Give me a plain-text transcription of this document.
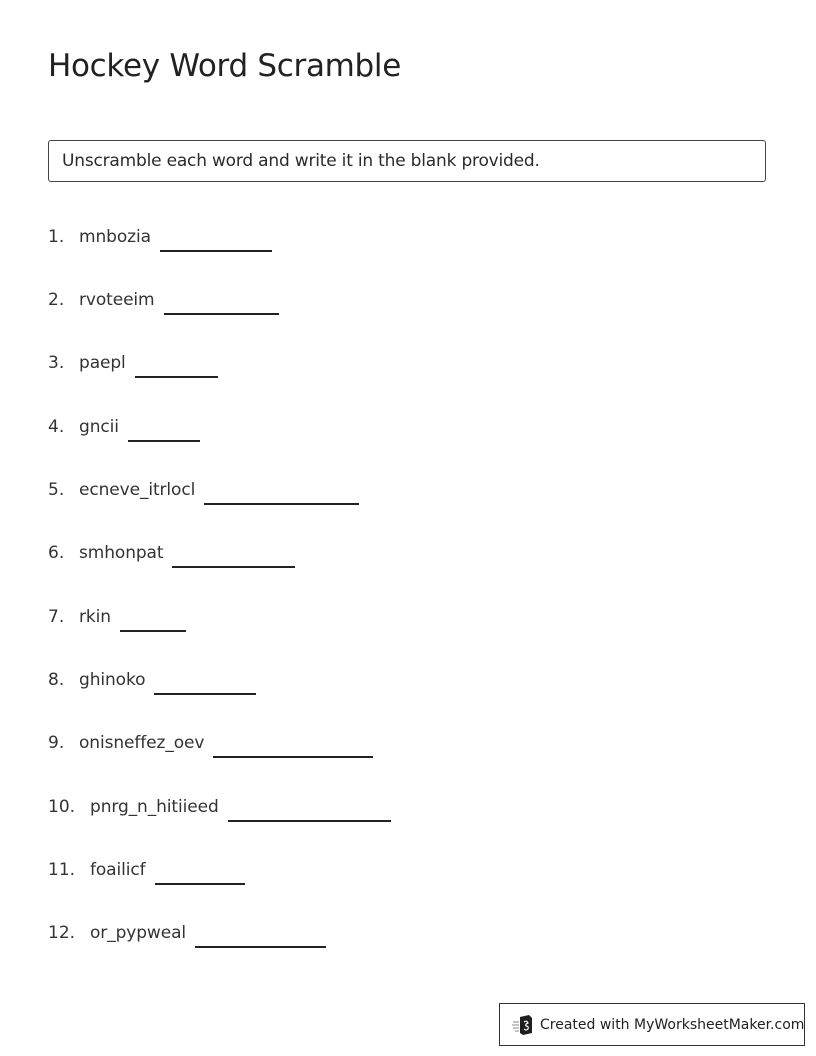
Hockey Word Scramble
Unscramble each word and write it in the blank provided.
1. mnbozia
2. rvoteeim
3. paepl
4. gncii
5. ecneve_itrlocl
6. smhonpat
7. rkin
8. ghinoko
9. onisneffez_oev
10. pnrg_n_hitiieed
11. foailicf
12. or_pypweal
Created with MyWorksheetMaker.com
